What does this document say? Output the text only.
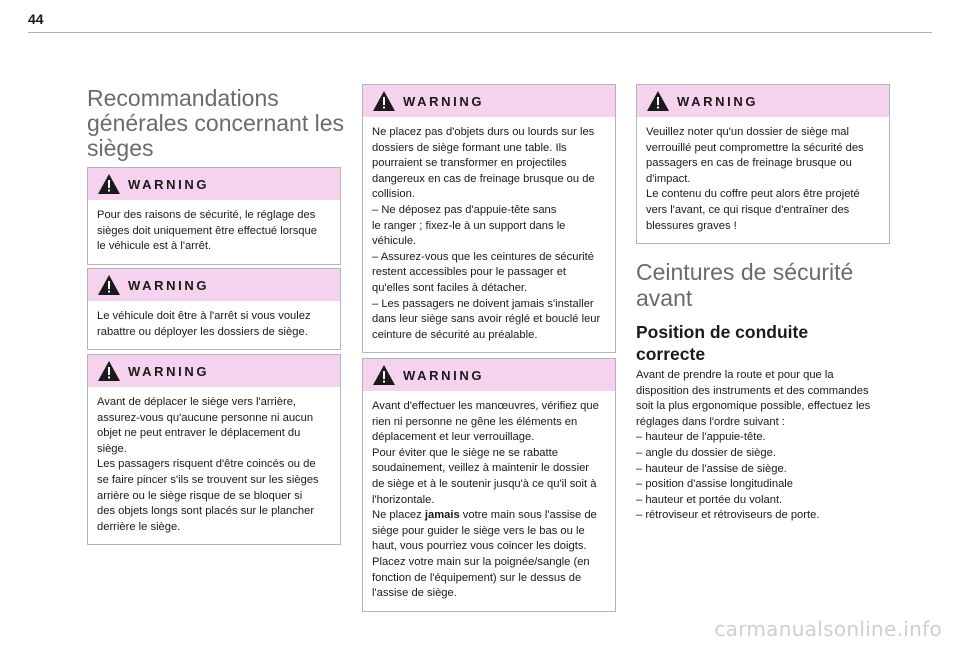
44
Recommandations
générales concernant les
sièges
WARNING

Pour des raisons de sécurité, le réglage des

sièges doit uniquement être effectué lorsque

le véhicule est à l'arrêt.

WARNING

Le véhicule doit être à l'arrêt si vous voulez

rabattre ou déployer les dossiers de siège.

WARNING

Avant de déplacer le siège vers l'arrière,

assurez-vous qu'aucune personne ni aucun

objet ne peut entraver le déplacement du

siège.

Les passagers risquent d'être coincés ou de

se faire pincer s'ils se trouvent sur les sièges

arrière ou le siège risque de se bloquer si

des objets longs sont placés sur le plancher

derrière le siège.

WARNING

Ne placez pas d'objets durs ou lourds sur les

dossiers de siège formant une table. Ils

pourraient se transformer en projectiles

dangereux en cas de freinage brusque ou de

collision.

– Ne déposez pas d'appuie-tête sans

le ranger ; fixez-le à un support dans le

véhicule.

– Assurez-vous que les ceintures de sécurité

restent accessibles pour le passager et

qu'elles sont faciles à détacher.

– Les passagers ne doivent jamais s'installer

dans leur siège sans avoir réglé et bouclé leur

ceinture de sécurité au préalable.

WARNING

Avant d'effectuer les manœuvres, vérifiez que

rien ni personne ne gêne les éléments en

déplacement et leur verrouillage.

Pour éviter que le siège ne se rabatte

soudainement, veillez à maintenir le dossier

de siège et à le soutenir jusqu'à ce qu'il soit à

l'horizontale.

Ne placez jamais votre main sous l'assise de

siège pour guider le siège vers le bas ou le

haut, vous pourriez vous coincer les doigts.

Placez votre main sur la poignée/sangle (en

fonction de l'équipement) sur le dessus de

l'assise de siège.

WARNING

Veuillez noter qu'un dossier de siège mal

verrouillé peut compromettre la sécurité des

passagers en cas de freinage brusque ou

d'impact.

Le contenu du coffre peut alors être projeté

vers l'avant, ce qui risque d'entraîner des

blessures graves !

Ceintures de sécurité
avant
Position de conduite
correcte

Avant de prendre la route et pour que la

disposition des instruments et des commandes

soit la plus ergonomique possible, effectuez les

réglages dans l'ordre suivant :

– hauteur de l'appuie-tête.
– angle du dossier de siège.
– hauteur de l'assise de siège.
– position d'assise longitudinale
– hauteur et portée du volant.
– rétroviseur et rétroviseurs de porte.
carmanualsonline.info
